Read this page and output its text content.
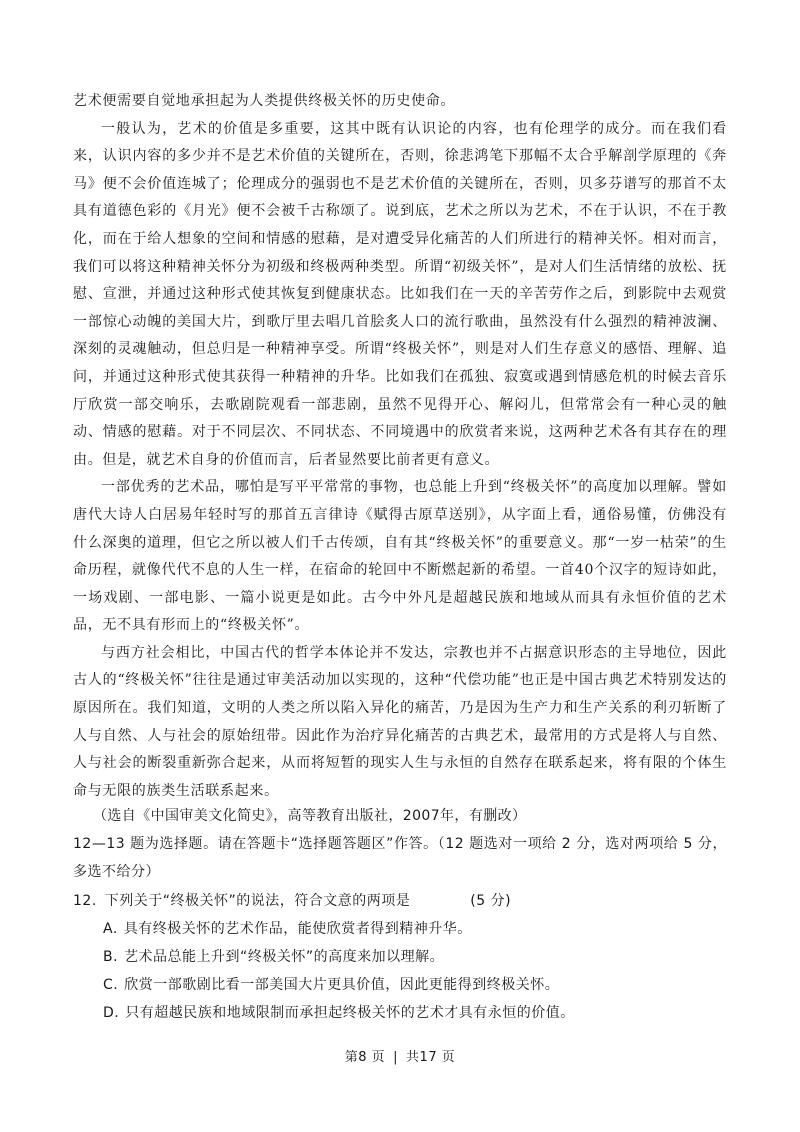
艺术便需要自觉地承担起为人类提供终极关怀的历史使命。

一般认为，艺术的价值是多重要，这其中既有认识论的内容，也有伦理学的成分。而在我们看来，认识内容的多少并不是艺术价值的关键所在，否则，徐悲鸿笔下那幅不太合乎解剖学原理的《奔马》便不会价值连城了；伦理成分的强弱也不是艺术价值的关键所在，否则，贝多芬谱写的那首不太具有道德色彩的《月光》便不会被千古称颂了。说到底，艺术之所以为艺术，不在于认识，不在于教化，而在于给人想象的空间和情感的慰藉，是对遭受异化痛苦的人们所进行的精神关怀。相对而言，我们可以将这种精神关怀分为初级和终极两种类型。所谓“初级关怀”，是对人们生活情绪的放松、抚慰、宣泄，并通过这种形式使其恢复到健康状态。比如我们在一天的辛苦劳作之后，到影院中去观赏一部惊心动魄的美国大片，到歌厅里去唱几首脍炙人口的流行歌曲，虽然没有什么强烈的精神波澜、深刻的灵魂触动，但总归是一种精神享受。所谓“终极关怀”，则是对人们生存意义的感悟、理解、追问，并通过这种形式使其获得一种精神的升华。比如我们在孤独、寂寞或遇到情感危机的时候去音乐厅欣赏一部交响乐，去歌剧院观看一部悲剧，虽然不见得开心、解闷儿，但常常会有一种心灵的触动、情感的慰藉。对于不同层次、不同状态、不同境遇中的欣赏者来说，这两种艺术各有其存在的理由。但是，就艺术自身的价值而言，后者显然要比前者更有意义。

一部优秀的艺术品，哪怕是写平平常常的事物，也总能上升到“终极关怀”的高度加以理解。譬如唐代大诗人白居易年轻时写的那首五言律诗《赋得古原草送别》，从字面上看，通俗易懂，仿佛没有什么深奥的道理，但它之所以被人们千古传颂，自有其“终极关怀”的重要意义。那“一岁一枯荣”的生命历程，就像代代不息的人生一样，在宿命的轮回中不断燃起新的希望。一首40个汉字的短诗如此，一场戏剧、一部电影、一篇小说更是如此。古今中外凡是超越民族和地域从而具有永恒价值的艺术品，无不具有形而上的“终极关怀”。

与西方社会相比，中国古代的哲学本体论并不发达，宗教也并不占据意识形态的主导地位，因此古人的“终极关怀”往往是通过审美活动加以实现的，这种“代偿功能”也正是中国古典艺术特别发达的原因所在。我们知道，文明的人类之所以陷入异化的痛苦，乃是因为生产力和生产关系的利刃斩断了人与自然、人与社会的原始纽带。因此作为治疗异化痛苦的古典艺术，最常用的方式是将人与自然、人与社会的断裂重新弥合起来，从而将短暂的现实人生与永恒的自然存在联系起来，将有限的个体生命与无限的族类生活联系起来。

（选自《中国审美文化简史》，高等教育出版社，2007年，有删改）
12—13 题为选择题。请在答题卡“选择题答题区”作答。（12 题选对一项给 2 分，选对两项给 5 分，多选不给分）
12. 下列关于“终极关怀”的说法，符合文意的两项是	(5 分)
A. 具有终极关怀的艺术作品，能使欣赏者得到精神升华。
B. 艺术品总能上升到“终极关怀”的高度来加以理解。
C. 欣赏一部歌剧比看一部美国大片更具价值，因此更能得到终极关怀。
D. 只有超越民族和地域限制而承担起终极关怀的艺术才具有永恒的价值。
第8 页 | 共17 页
